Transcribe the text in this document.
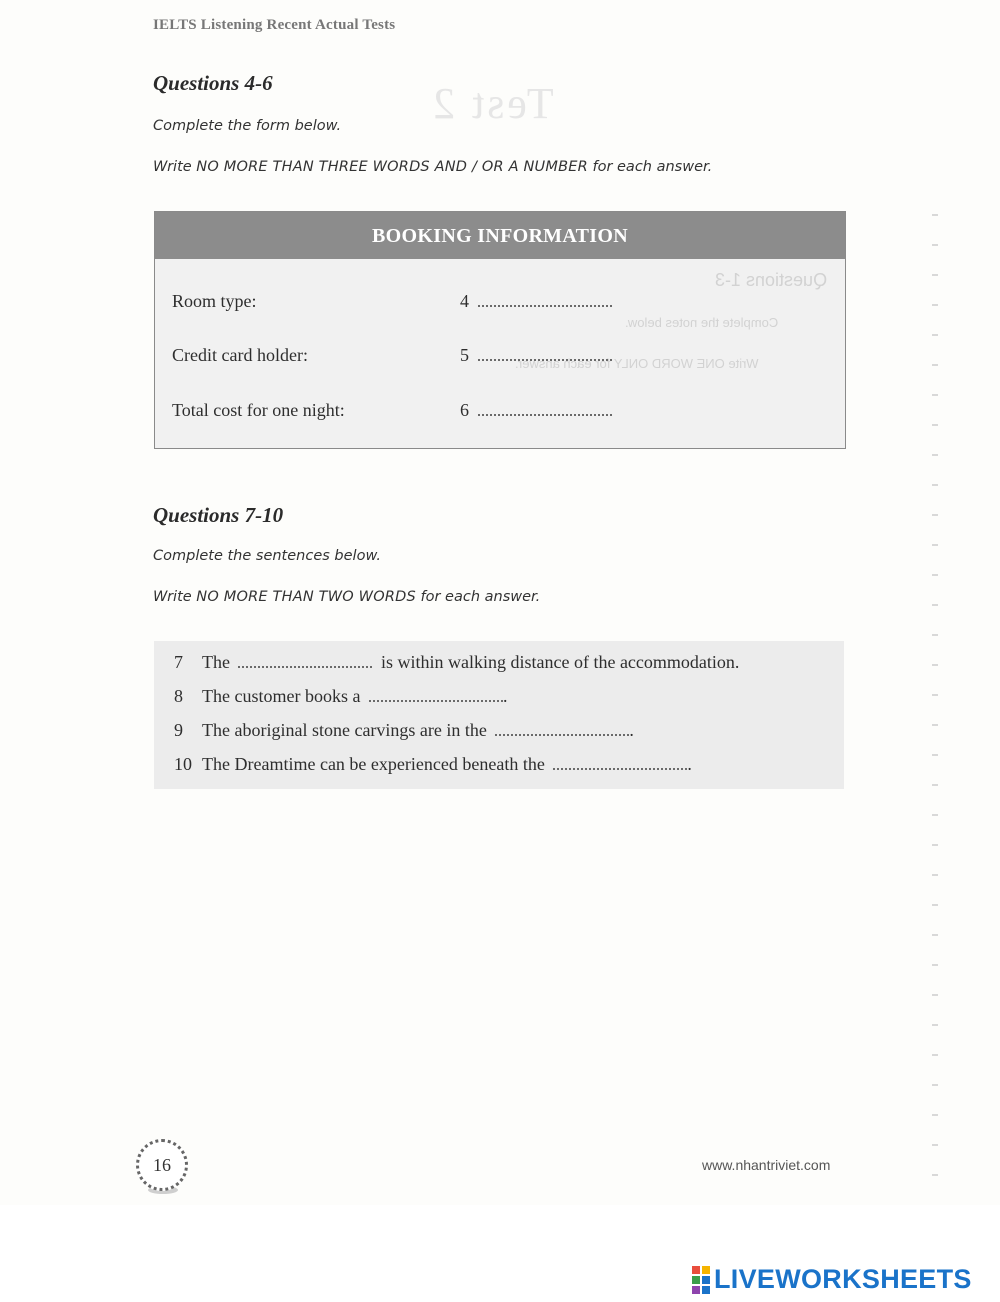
IELTS Listening Recent Actual Tests
Test 2
Questions 4-6
Complete the form below.
Write NO MORE THAN THREE WORDS AND / OR A NUMBER for each answer.
BOOKING INFORMATION
Questions 1-3
Complete the notes below.
Write ONE WORD ONLY for each answer.
Room type:	4
Credit card holder:	5
Total cost for one night:	6
Questions 7-10
Complete the sentences below.
Write NO MORE THAN TWO WORDS for each answer.
7 The	is within walking distance of the accommodation.
8 The customer books a	.
9 The aboriginal stone carvings are in the	.
10 The Dreamtime can be experienced beneath the	.
16	www.nhantriviet.com
LIVEWORKSHEETS
